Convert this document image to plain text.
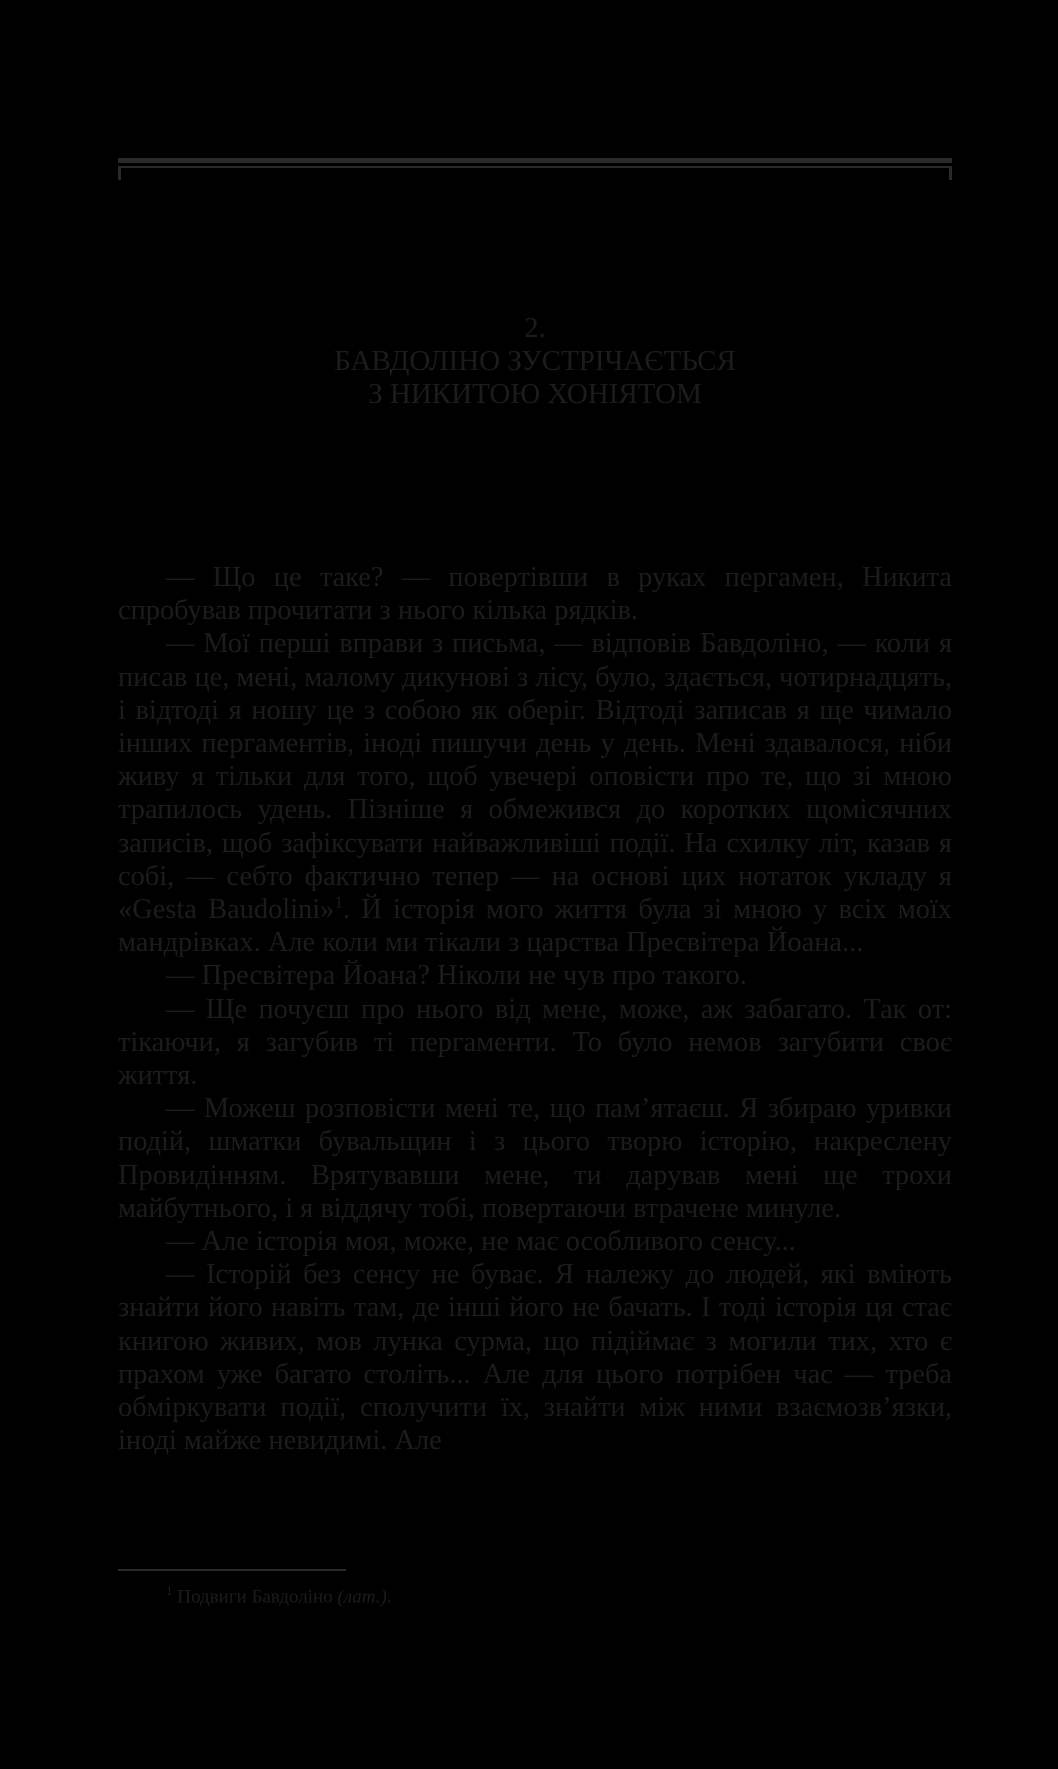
2.
БАВДОЛІНО ЗУСТРІЧАЄТЬСЯ
З НИКИТОЮ ХОНІЯТОМ

— Що це таке? — повертівши в руках пергамен, Никита спробував прочитати з нього кілька рядків.

— Мої перші вправи з письма, — відповів Бавдоліно, — коли я писав це, мені, малому дикунові з лісу, було, здається, чотирнадцять, і відтоді я ношу це з собою як оберіг. Відтоді записав я ще чимало інших пергаментів, іноді пишучи день у день. Мені здавалося, ніби живу я тільки для того, щоб увечері оповісти про те, що зі мною трапилось удень. Пізніше я обмежився до коротких щомісячних записів, щоб зафіксувати найважливіші події. На схилку літ, казав я собі, — себто фактично тепер — на основі цих нотаток укладу я «Gesta Baudolini»$^1$. Й історія мого життя була зі мною у всіх моїх мандрівках. Але коли ми тікали з царства Пресвітера Йоана...

— Пресвітера Йоана? Ніколи не чув про такого.

— Ще почуєш про нього від мене, може, аж забагато. Так от: тікаючи, я загубив ті пергаменти. То було немов загубити своє життя.

— Можеш розповісти мені те, що пам’ятаєш. Я збираю уривки подій, шматки бувальщин і з цього творю історію, накреслену Провидінням. Врятувавши мене, ти дарував мені ще трохи майбутнього, і я віддячу тобі, повертаючи втрачене минуле.

— Але історія моя, може, не має особливого сенсу...

— Історій без сенсу не буває. Я належу до людей, які вміють знайти його навіть там, де інші його не бачать. І тоді історія ця стає книгою живих, мов лунка сурма, що підіймає з могили тих, хто є прахом уже багато століть... Але для цього потрібен час — треба обміркувати події, сполучити їх, знайти між ними взаємозв’язки, іноді майже невидимі. Але

$^1$ Подвиги Бавдоліно (лат.).
